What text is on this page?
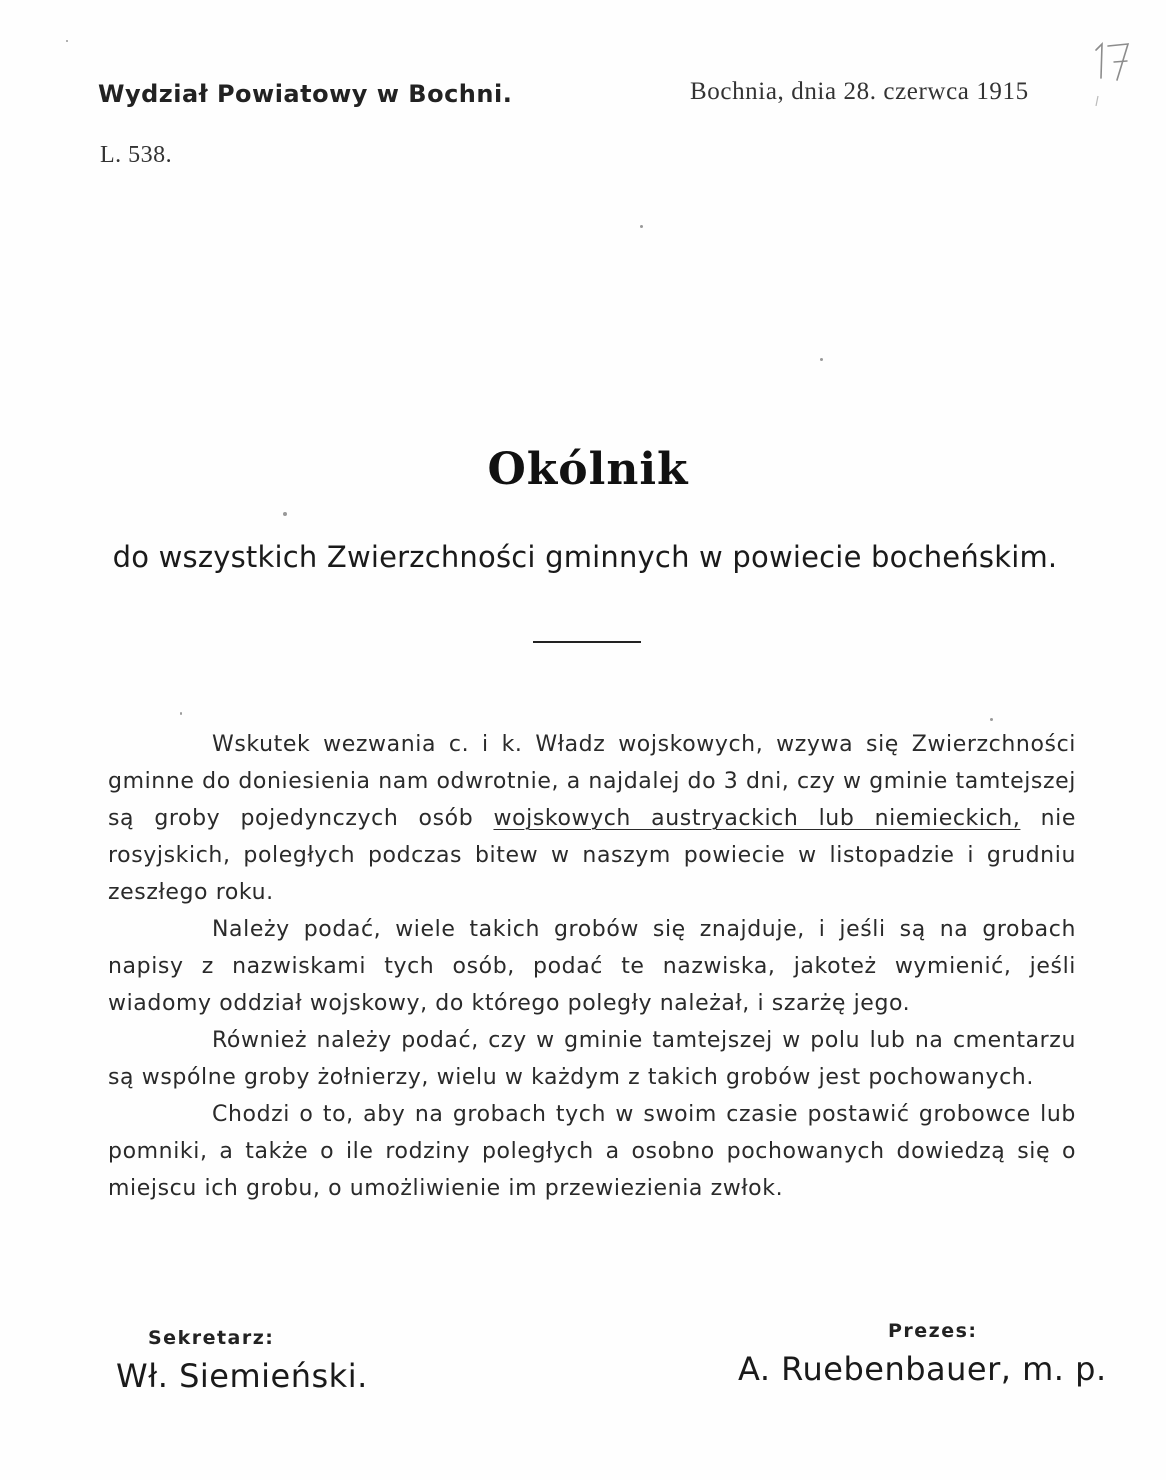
Wydział Powiatowy w Bochni.	Bochnia, dnia 28. czerwca 1915
L. 538.
Okólnik
do wszystkich Zwierzchności gminnych w powiecie bocheńskim.

Wskutek wezwania c. i k. Władz wojskowych, wzywa się Zwierzchności gminne do doniesienia nam odwrotnie, a najdalej do 3 dni, czy w gminie tamtejszej są groby pojedynczych osób wojskowych austryackich lub niemieckich, nie rosyjskich, poległych podczas bitew w naszym powiecie w listopadzie i grudniu zeszłego roku.

Należy podać, wiele takich grobów się znajduje, i jeśli są na grobach napisy z nazwiskami tych osób, podać te nazwiska, jakoteż wymienić, jeśli wiadomy oddział wojskowy, do którego poległy należał, i szarżę jego.

Również należy podać, czy w gminie tamtejszej w polu lub na cmentarzu są wspólne groby żołnierzy, wielu w każdym z takich grobów jest pochowanych.

Chodzi o to, aby na grobach tych w swoim czasie postawić grobowce lub pomniki, a także o ile rodziny poległych a osobno pochowanych dowiedzą się o miejscu ich grobu, o umożliwienie im przewiezienia zwłok.

Sekretarz:
Wł. Siemieński.
Prezes:
A. Ruebenbauer, m. p.
